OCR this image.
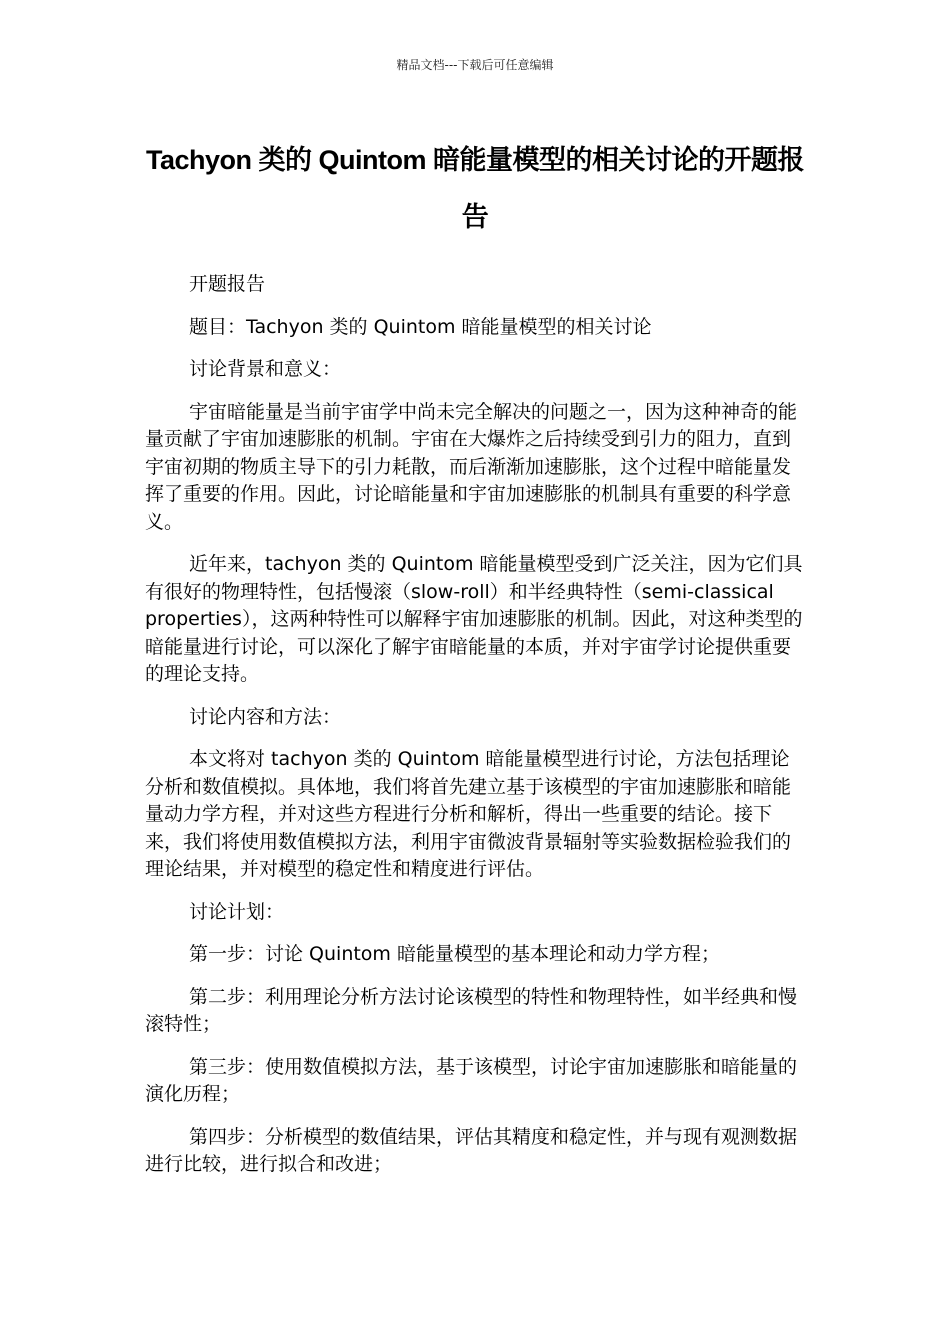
精品文档---下载后可任意编辑
Tachyon 类的 Quintom 暗能量模型的相关讨论的开题报告

开题报告

题目：Tachyon 类的 Quintom 暗能量模型的相关讨论

讨论背景和意义：

宇宙暗能量是当前宇宙学中尚未完全解决的问题之一，因为这种神奇的能量贡献了宇宙加速膨胀的机制。宇宙在大爆炸之后持续受到引力的阻力，直到宇宙初期的物质主导下的引力耗散，而后渐渐加速膨胀，这个过程中暗能量发挥了重要的作用。因此，讨论暗能量和宇宙加速膨胀的机制具有重要的科学意义。

近年来，tachyon 类的 Quintom 暗能量模型受到广泛关注，因为它们具有很好的物理特性，包括慢滚（slow-roll）和半经典特性（semi-classical properties），这两种特性可以解释宇宙加速膨胀的机制。因此，对这种类型的暗能量进行讨论，可以深化了解宇宙暗能量的本质，并对宇宙学讨论提供重要的理论支持。

讨论内容和方法：

本文将对 tachyon 类的 Quintom 暗能量模型进行讨论，方法包括理论分析和数值模拟。具体地，我们将首先建立基于该模型的宇宙加速膨胀和暗能量动力学方程，并对这些方程进行分析和解析，得出一些重要的结论。接下来，我们将使用数值模拟方法，利用宇宙微波背景辐射等实验数据检验我们的理论结果，并对模型的稳定性和精度进行评估。

讨论计划：

第一步：讨论 Quintom 暗能量模型的基本理论和动力学方程；

第二步：利用理论分析方法讨论该模型的特性和物理特性，如半经典和慢滚特性；

第三步：使用数值模拟方法，基于该模型，讨论宇宙加速膨胀和暗能量的演化历程；

第四步：分析模型的数值结果，评估其精度和稳定性，并与现有观测数据进行比较，进行拟合和改进；
